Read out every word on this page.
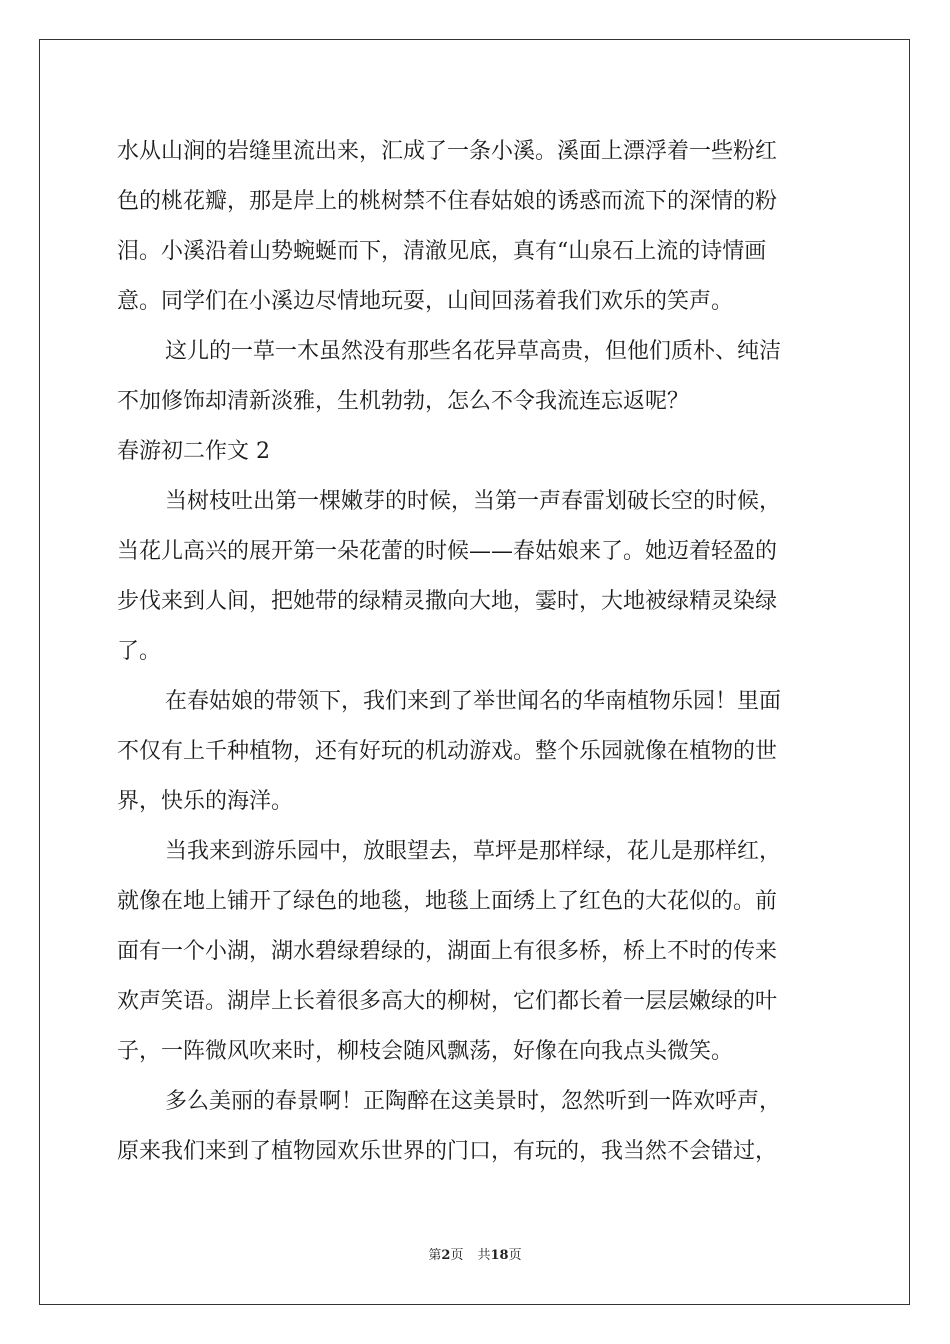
水从山涧的岩缝里流出来，汇成了一条小溪。溪面上漂浮着一些粉红
色的桃花瓣，那是岸上的桃树禁不住春姑娘的诱惑而流下的深情的粉
泪。小溪沿着山势蜿蜒而下，清澈见底，真有“山泉石上流的诗情画
意。同学们在小溪边尽情地玩耍，山间回荡着我们欢乐的笑声。
这儿的一草一木虽然没有那些名花异草高贵，但他们质朴、纯洁
不加修饰却清新淡雅，生机勃勃，怎么不令我流连忘返呢？
春游初二作文 2
当树枝吐出第一棵嫩芽的时候，当第一声春雷划破长空的时候，
当花儿高兴的展开第一朵花蕾的时候——春姑娘来了。她迈着轻盈的
步伐来到人间，把她带的绿精灵撒向大地，霎时，大地被绿精灵染绿
了。
在春姑娘的带领下，我们来到了举世闻名的华南植物乐园！里面
不仅有上千种植物，还有好玩的机动游戏。整个乐园就像在植物的世
界，快乐的海洋。
当我来到游乐园中，放眼望去，草坪是那样绿，花儿是那样红，
就像在地上铺开了绿色的地毯，地毯上面绣上了红色的大花似的。前
面有一个小湖，湖水碧绿碧绿的，湖面上有很多桥，桥上不时的传来
欢声笑语。湖岸上长着很多高大的柳树，它们都长着一层层嫩绿的叶
子，一阵微风吹来时，柳枝会随风飘荡，好像在向我点头微笑。
多么美丽的春景啊！正陶醉在这美景时，忽然听到一阵欢呼声，
原来我们来到了植物园欢乐世界的门口，有玩的，我当然不会错过，
第2页 共18页
